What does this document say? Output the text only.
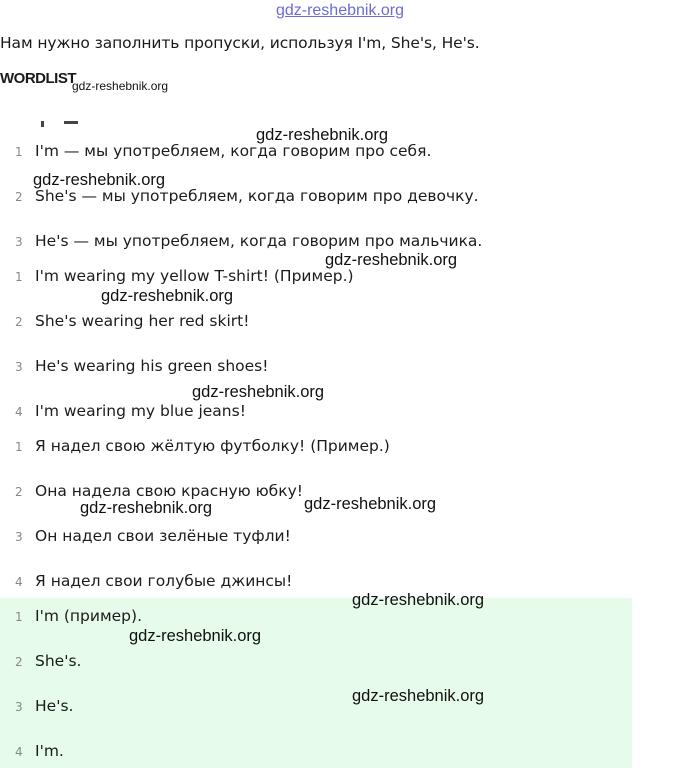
gdz-reshebnik.org
Нам нужно заполнить пропуски, используя I'm, She's, He's.
WORDLIST
gdz-reshebnik.org
1 I'm — мы употребляем, когда говорим про себя.
2 She's — мы употребляем, когда говорим про девочку.
3 He's — мы употребляем, когда говорим про мальчика.
1 I'm wearing my yellow T-shirt! (Пример.)
2 She's wearing her red skirt!
3 He's wearing his green shoes!
4 I'm wearing my blue jeans!
1 Я надел свою жёлтую футболку! (Пример.)
2 Она надела свою красную юбку!
3 Он надел свои зелёные туфли!
4 Я надел свои голубые джинсы!
1 I'm (пример).
2 She's.
3 He's.
4 I'm.
gdz-reshebnik.org
gdz-reshebnik.org
gdz-reshebnik.org
gdz-reshebnik.org
gdz-reshebnik.org
gdz-reshebnik.org
gdz-reshebnik.org
gdz-reshebnik.org
gdz-reshebnik.org
gdz-reshebnik.org
